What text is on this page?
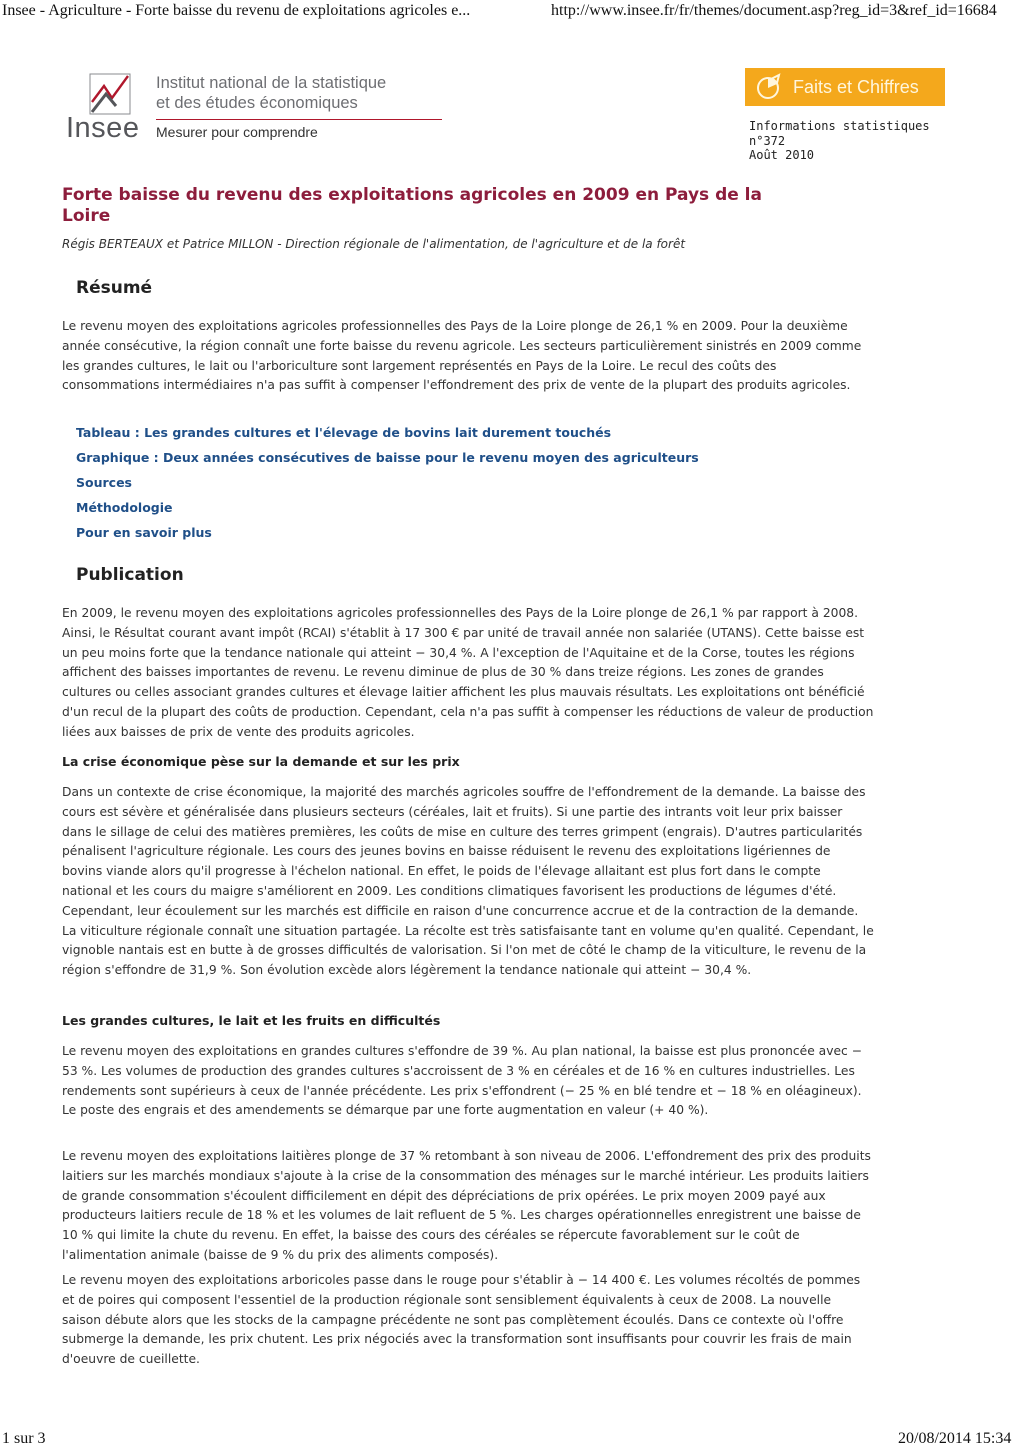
Insee - Agriculture - Forte baisse du revenu de exploitations agricoles e...	http://www.insee.fr/fr/themes/document.asp?reg_id=3&ref_id=16684
Insee
Institut national de la statistique
et des études économiques
Mesurer pour comprendre
Faits et Chiffres
Informations statistiques
n°372
Août 2010
Forte baisse du revenu des exploitations agricoles en 2009 en Pays de la Loire
Régis BERTEAUX et Patrice MILLON - Direction régionale de l'alimentation, de l'agriculture et de la forêt
Résumé

Le revenu moyen des exploitations agricoles professionnelles des Pays de la Loire plonge de 26,1 % en 2009. Pour la deuxième année consécutive, la région connaît une forte baisse du revenu agricole. Les secteurs particulièrement sinistrés en 2009 comme les grandes cultures, le lait ou l'arboriculture sont largement représentés en Pays de la Loire. Le recul des coûts des consommations intermédiaires n'a pas suffit à compenser l'effondrement des prix de vente de la plupart des produits agricoles.

Tableau : Les grandes cultures et l'élevage de bovins lait durement touchés
Graphique : Deux années consécutives de baisse pour le revenu moyen des agriculteurs
Sources
Méthodologie
Pour en savoir plus
Publication

En 2009, le revenu moyen des exploitations agricoles professionnelles des Pays de la Loire plonge de 26,1 % par rapport à 2008. Ainsi, le Résultat courant avant impôt (RCAI) s'établit à 17 300 € par unité de travail année non salariée (UTANS). Cette baisse est un peu moins forte que la tendance nationale qui atteint − 30,4 %. A l'exception de l'Aquitaine et de la Corse, toutes les régions affichent des baisses importantes de revenu. Le revenu diminue de plus de 30 % dans treize régions. Les zones de grandes cultures ou celles associant grandes cultures et élevage laitier affichent les plus mauvais résultats. Les exploitations ont bénéficié d'un recul de la plupart des coûts de production. Cependant, cela n'a pas suffit à compenser les réductions de valeur de production liées aux baisses de prix de vente des produits agricoles.

La crise économique pèse sur la demande et sur les prix

Dans un contexte de crise économique, la majorité des marchés agricoles souffre de l'effondrement de la demande. La baisse des cours est sévère et généralisée dans plusieurs secteurs (céréales, lait et fruits). Si une partie des intrants voit leur prix baisser dans le sillage de celui des matières premières, les coûts de mise en culture des terres grimpent (engrais). D'autres particularités pénalisent l'agriculture régionale. Les cours des jeunes bovins en baisse réduisent le revenu des exploitations ligériennes de bovins viande alors qu'il progresse à l'échelon national. En effet, le poids de l'élevage allaitant est plus fort dans le compte national et les cours du maigre s'améliorent en 2009. Les conditions climatiques favorisent les productions de légumes d'été. Cependant, leur écoulement sur les marchés est difficile en raison d'une concurrence accrue et de la contraction de la demande. La viticulture régionale connaît une situation partagée. La récolte est très satisfaisante tant en volume qu'en qualité. Cependant, le vignoble nantais est en butte à de grosses difficultés de valorisation. Si l'on met de côté le champ de la viticulture, le revenu de la région s'effondre de 31,9 %. Son évolution excède alors légèrement la tendance nationale qui atteint − 30,4 %.

Les grandes cultures, le lait et les fruits en difficultés

Le revenu moyen des exploitations en grandes cultures s'effondre de 39 %. Au plan national, la baisse est plus prononcée avec − 53 %. Les volumes de production des grandes cultures s'accroissent de 3 % en céréales et de 16 % en cultures industrielles. Les rendements sont supérieurs à ceux de l'année précédente. Les prix s'effondrent (− 25 % en blé tendre et − 18 % en oléagineux). Le poste des engrais et des amendements se démarque par une forte augmentation en valeur (+ 40 %).

Le revenu moyen des exploitations laitières plonge de 37 % retombant à son niveau de 2006. L'effondrement des prix des produits laitiers sur les marchés mondiaux s'ajoute à la crise de la consommation des ménages sur le marché intérieur. Les produits laitiers de grande consommation s'écoulent difficilement en dépit des dépréciations de prix opérées. Le prix moyen 2009 payé aux producteurs laitiers recule de 18 % et les volumes de lait refluent de 5 %. Les charges opérationnelles enregistrent une baisse de 10 % qui limite la chute du revenu. En effet, la baisse des cours des céréales se répercute favorablement sur le coût de l'alimentation animale (baisse de 9 % du prix des aliments composés).

Le revenu moyen des exploitations arboricoles passe dans le rouge pour s'établir à − 14 400 €. Les volumes récoltés de pommes et de poires qui composent l'essentiel de la production régionale sont sensiblement équivalents à ceux de 2008. La nouvelle saison débute alors que les stocks de la campagne précédente ne sont pas complètement écoulés. Dans ce contexte où l'offre submerge la demande, les prix chutent. Les prix négociés avec la transformation sont insuffisants pour couvrir les frais de main d'oeuvre de cueillette.

1 sur 3	20/08/2014 15:34
